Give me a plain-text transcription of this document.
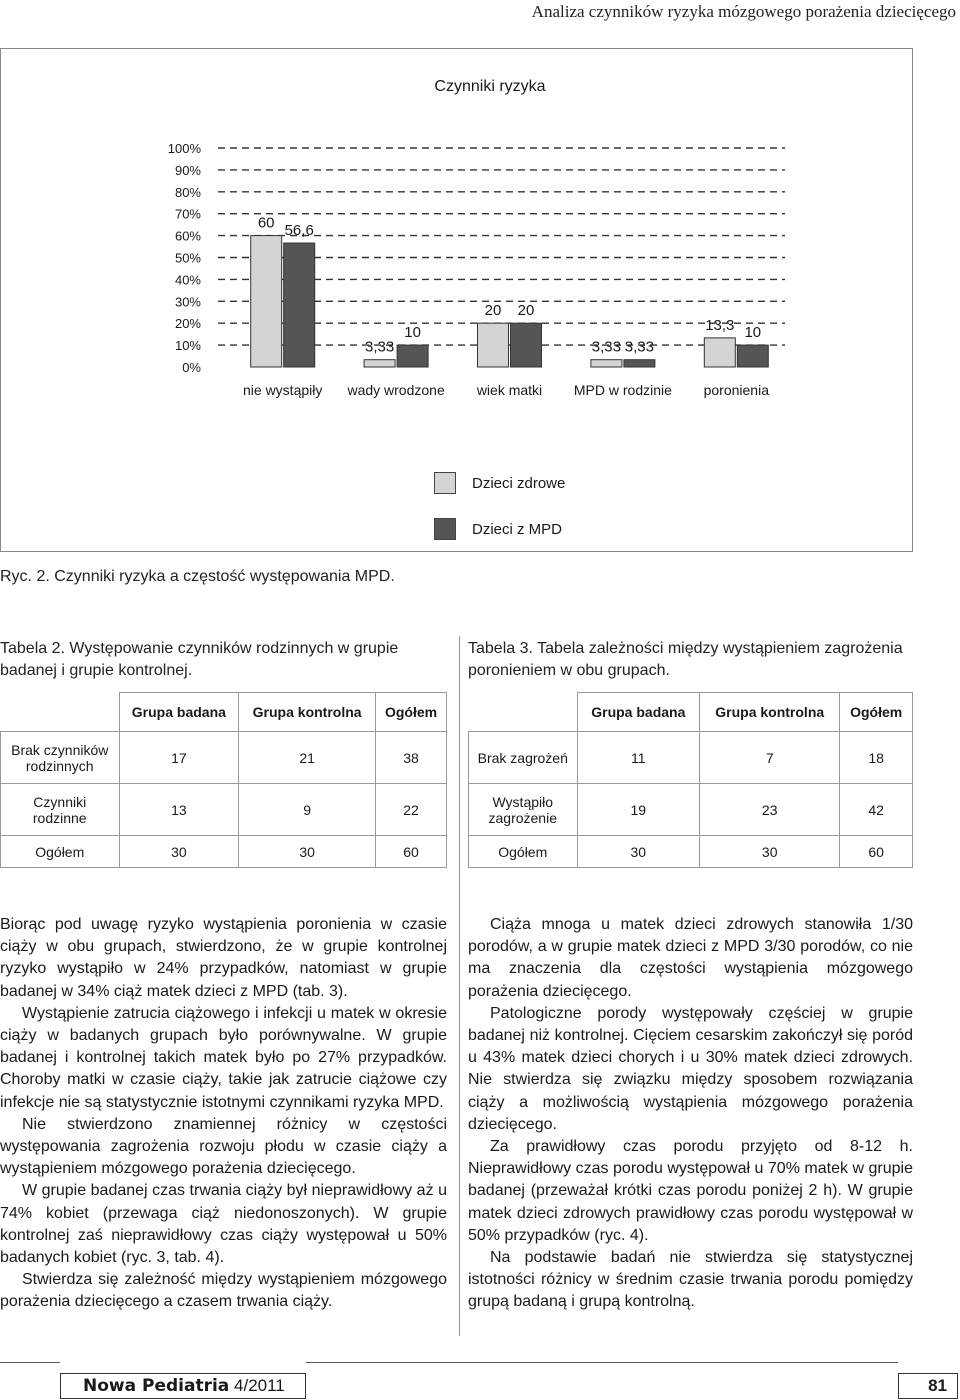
Analiza czynników ryzyka mózgowego porażenia dziecięcego
Czynniki ryzyka
0%
10%
20%
30%
40%
50%
60%
70%
80%
90%
100%
nie wystąpiły
60 56,6
wady wrodzone
3,33
10
wiek matki
20 20
MPD w rodzinie
3,33 3,33
poronienia
13,3 10
Dzieci zdrowe
Dzieci z MPD
Ryc. 2. Czynniki ryzyka a częstość występowania MPD.
Tabela 2. Występowanie czynników rodzinnych w grupie badanej i grupie kontrolnej.
Tabela 3. Tabela zależności między wystąpieniem zagrożenia poronieniem w obu grupach.
	Grupa badana	Grupa kontrolna	Ogółem
Brak czynników rodzinnych	17	21	38
Czynniki rodzinne	13	9	22
Ogółem	30	30	60
	Grupa badana	Grupa kontrolna	Ogółem
Brak zagrożeń	11	7	18
Wystąpiło zagrożenie	19	23	42
Ogółem	30	30	60

Biorąc pod uwagę ryzyko wystąpienia poronienia w czasie ciąży w obu grupach, stwierdzono, że w grupie kontrolnej ryzyko wystąpiło w 24% przypadków, natomiast w grupie badanej w 34% ciąż matek dzieci z MPD (tab. 3).

Wystąpienie zatrucia ciążowego i infekcji u matek w okresie ciąży w badanych grupach było porównywalne. W grupie badanej i kontrolnej takich matek było po 27% przypadków. Choroby matki w czasie ciąży, takie jak zatrucie ciążowe czy infekcje nie są statystycznie istotnymi czynnikami ryzyka MPD.

Nie stwierdzono znamiennej różnicy w częstości występowania zagrożenia rozwoju płodu w czasie ciąży a wystąpieniem mózgowego porażenia dziecięcego.

W grupie badanej czas trwania ciąży był nieprawidłowy aż u 74% kobiet (przewaga ciąż niedonoszonych). W grupie kontrolnej zaś nieprawidłowy czas ciąży występował u 50% badanych kobiet (ryc. 3, tab. 4).

Stwierdza się zależność między wystąpieniem mózgowego porażenia dziecięcego a czasem trwania ciąży.

Ciąża mnoga u matek dzieci zdrowych stanowiła 1/30 porodów, a w grupie matek dzieci z MPD 3/30 porodów, co nie ma znaczenia dla częstości wystąpienia mózgowego porażenia dziecięcego.

Patologiczne porody występowały częściej w grupie badanej niż kontrolnej. Cięciem cesarskim zakończył się poród u 43% matek dzieci chorych i u 30% matek dzieci zdrowych. Nie stwierdza się związku między sposobem rozwiązania ciąży a możliwością wystąpienia mózgowego porażenia dziecięcego.

Za prawidłowy czas porodu przyjęto od 8-12 h. Nieprawidłowy czas porodu występował u 70% matek w grupie badanej (przeważał krótki czas porodu poniżej 2 h). W grupie matek dzieci zdrowych prawidłowy czas porodu występował w 50% przypadków (ryc. 4).

Na podstawie badań nie stwierdza się statystycznej istotności różnicy w średnim czasie trwania porodu pomiędzy grupą badaną i grupą kontrolną.

Nowa Pediatria 4/2011	81
